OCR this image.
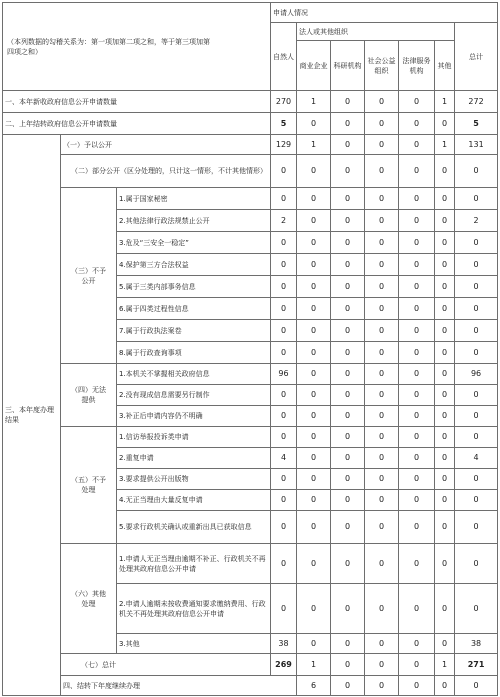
（本列数据的勾稽关系为：第一项加第二项之和，等于第三项加第四项之和）			申请人情况							
			自然人	法人或其他组织					总计	
				商业企业	科研机构	社会公益组织	法律服务机构	其他		
一、本年新收政府信息公开申请数量			270	1	0	0	0	1	272	
二、上年结转政府信息公开申请数量			5	0	0	0	0	0	5	
三、本年度办理结果	（一）予以公开		129	1	0	0	0	1	131	
	（二）部分公开（区分处理的，只计这一情形，不计其他情形）		0	0	0	0	0	0	0	
	（三）不予公开	1.属于国家秘密	0	0	0	0	0	0	0	
		2.其他法律行政法规禁止公开	2	0	0	0	0	0	2	
		3.危及“三安全一稳定”	0	0	0	0	0	0	0	
		4.保护第三方合法权益	0	0	0	0	0	0	0	
		5.属于三类内部事务信息	0	0	0	0	0	0	0	
		6.属于四类过程性信息	0	0	0	0	0	0	0	
		7.属于行政执法案卷	0	0	0	0	0	0	0	
		8.属于行政查询事项	0	0	0	0	0	0	0	
	（四）无法提供	1.本机关不掌握相关政府信息	96	0	0	0	0	0	96	
		2.没有现成信息需要另行制作	0	0	0	0	0	0	0	
		3.补正后申请内容仍不明确	0	0	0	0	0	0	0	
	（五）不予处理	1.信访举报投诉类申请	0	0	0	0	0	0	0	
		2.重复申请	4	0	0	0	0	0	4	
		3.要求提供公开出版物	0	0	0	0	0	0	0	
		4.无正当理由大量反复申请	0	0	0	0	0	0	0	
		5.要求行政机关确认或重新出具已获取信息	0	0	0	0	0	0	0	
	（六）其他处理	1.申请人无正当理由逾期不补正、行政机关不再处理其政府信息公开申请	0	0	0	0	0	0	0	
		2.申请人逾期未按收费通知要求缴纳费用、行政机关不再处理其政府信息公开申请	0	0	0	0	0	0	0	
		3.其他	38	0	0	0	0	0	38	
	（七）总计		269	1	0	0	0	1	271	
	四、结转下年度继续办理			6	0	0	0	0	0	
